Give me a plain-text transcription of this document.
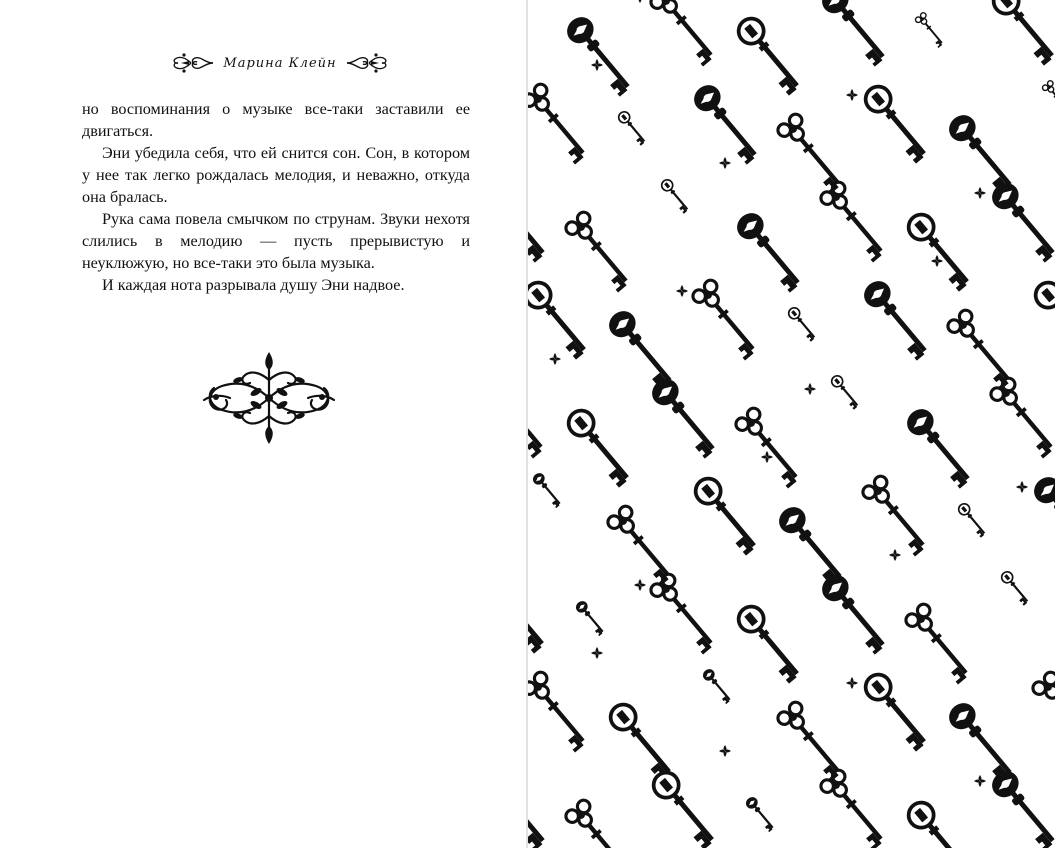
Марина Клейн

но воспоминания о музыке все-таки заставили ее двигаться.

Эни убедила себя, что ей снится сон. Сон, в котором у нее так легко рождалась мелодия, и неважно, откуда она бралась.

Рука сама повела смычком по струнам. Звуки нехотя слились в мелодию — пусть прерывистую и неуклюжую, но все-таки это была музыка.

И каждая нота разрывала душу Эни надвое.
